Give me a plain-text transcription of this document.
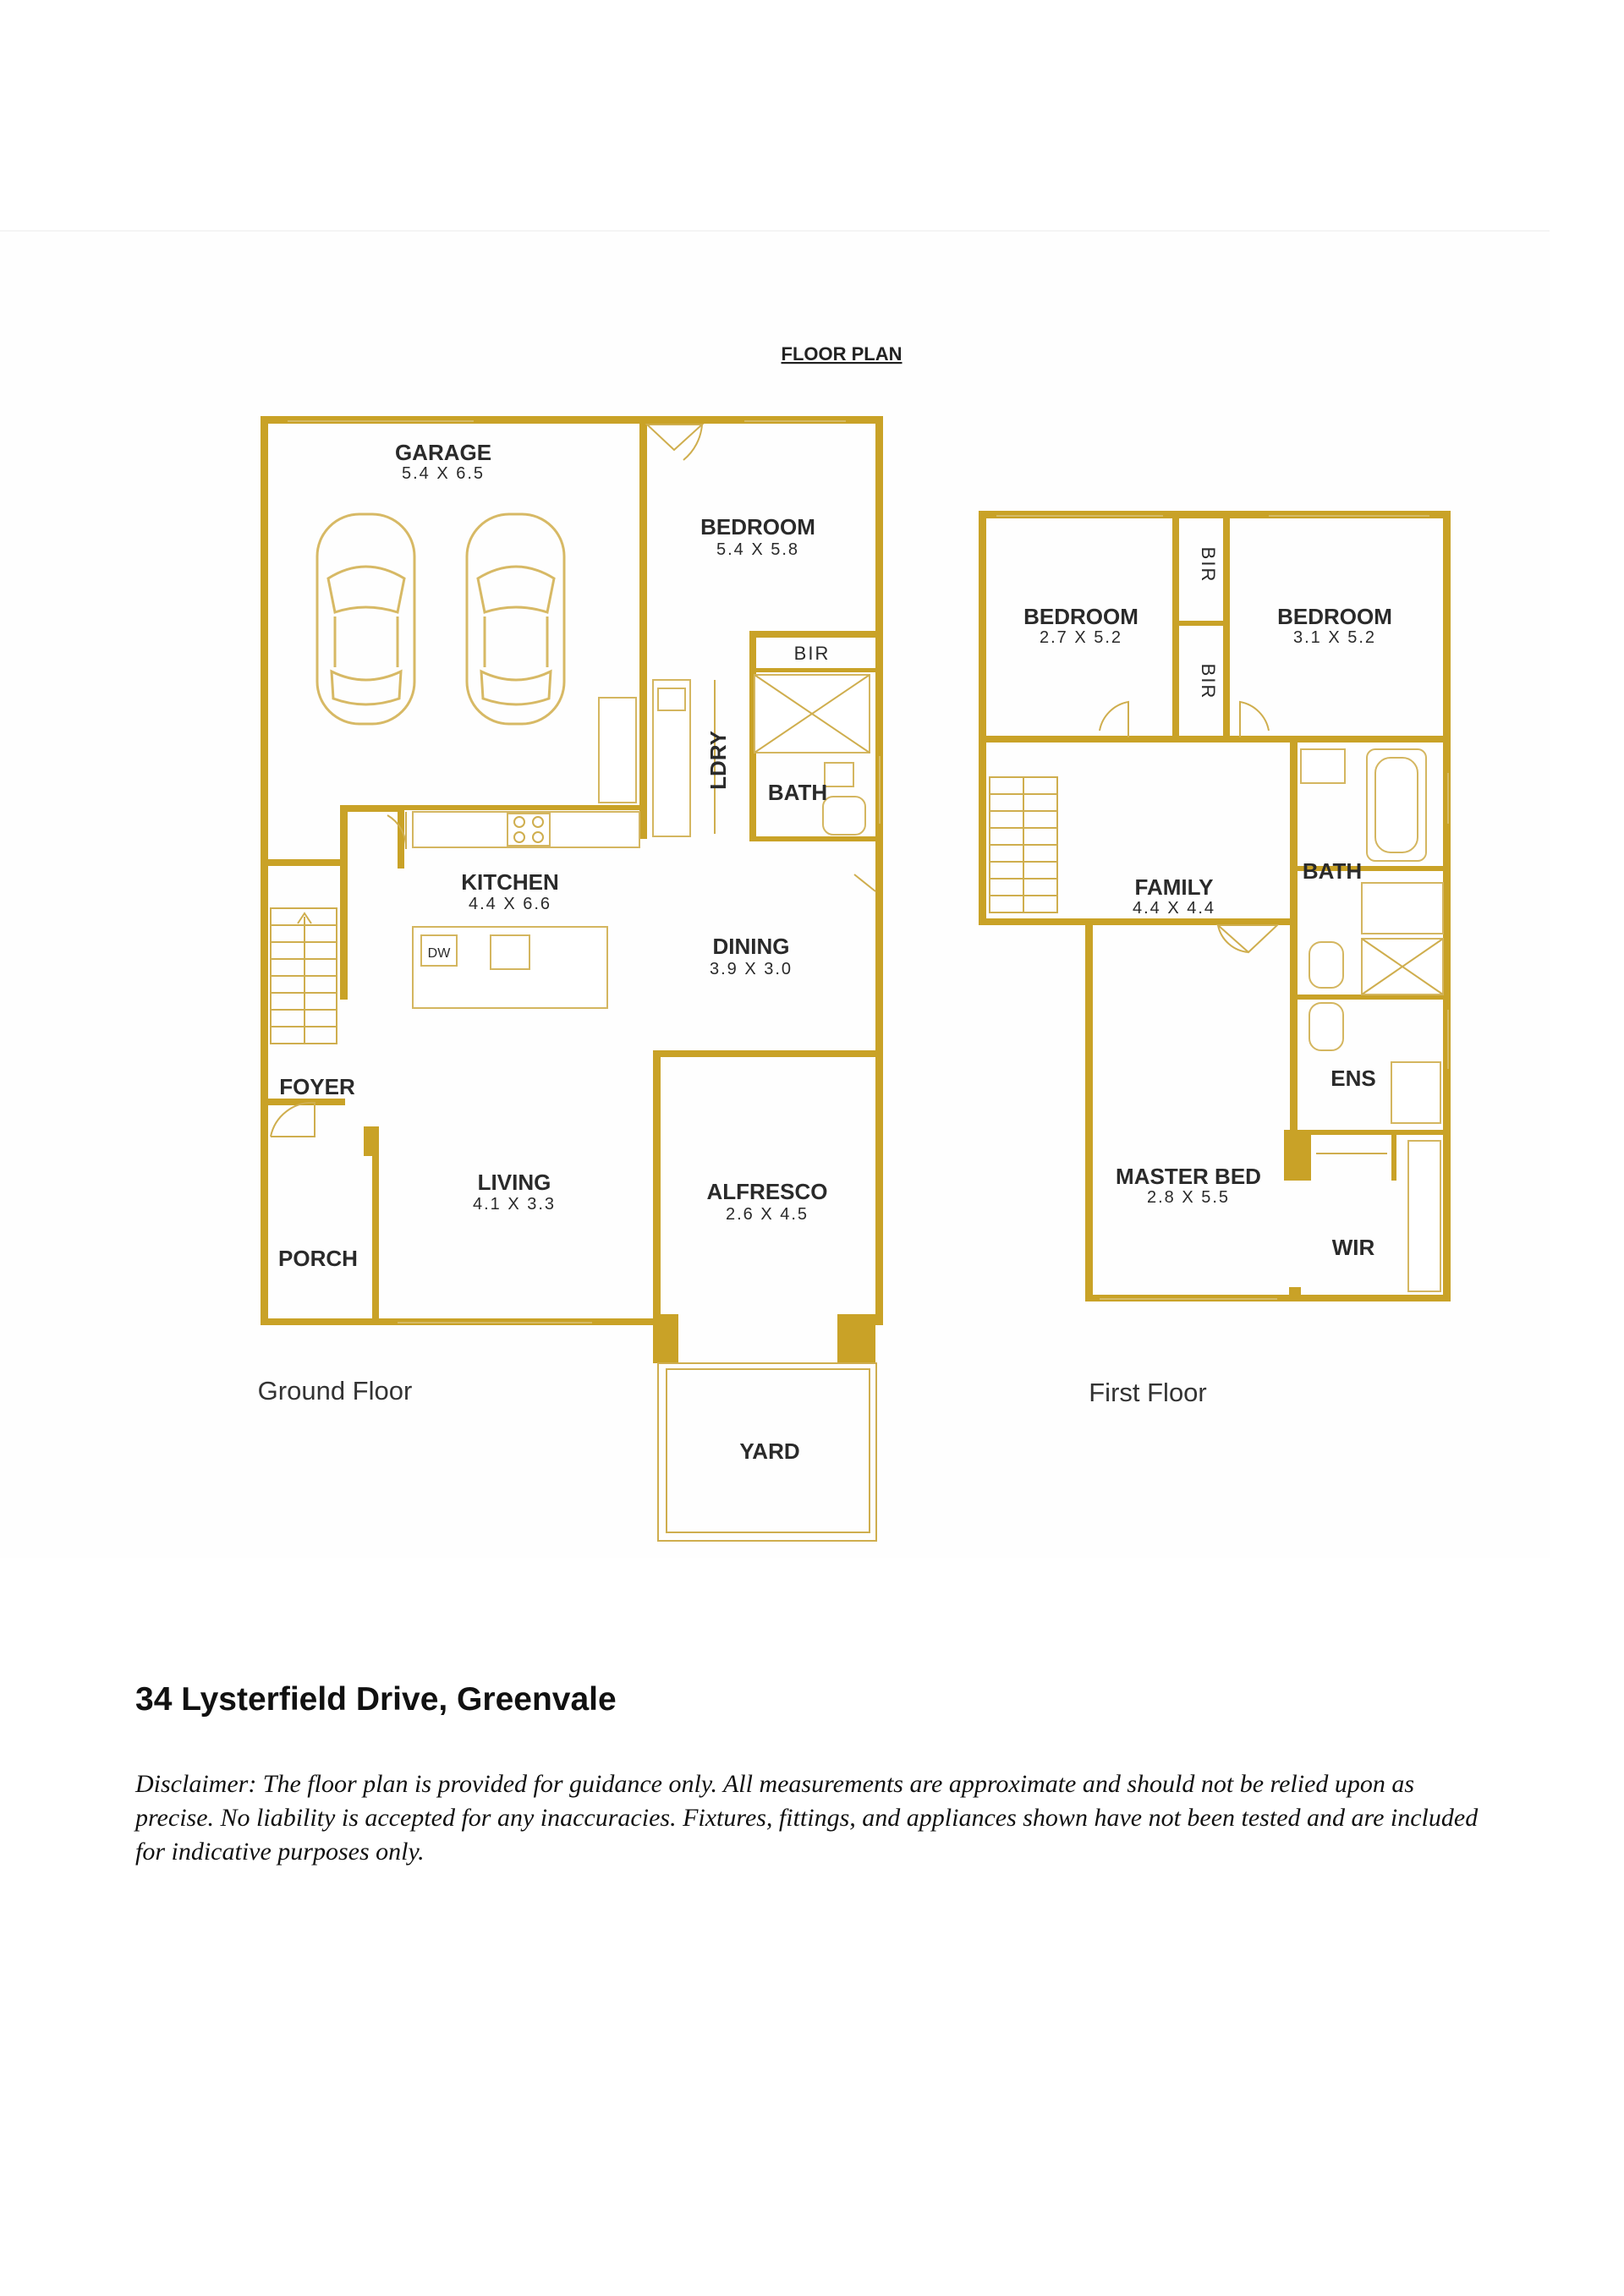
FLOOR PLAN
DW
GARAGE
5.4 X 6.5
BEDROOM
5.4 X 5.8
BIR
LDRY
BATH
KITCHEN
4.4 X 6.6
DINING
3.9 X 3.0
FOYER
LIVING
4.1 X 3.3	ALFRESCO
2.6 X 4.5
PORCH
YARD
Ground Floor
BIR
BIR
BEDROOM
2.7 X 5.2
BEDROOM
3.1 X 5.2
FAMILY
4.4 X 4.4
BATH
ENS
MASTER BED
2.8 X 5.5
WIR
First Floor
34 Lysterfield Drive, Greenvale

Disclaimer: The floor plan is provided for guidance only. All measurements are approximate and should not be relied upon as precise. No liability is accepted for any inaccuracies. Fixtures, fittings, and appliances shown have not been tested and are included for indicative purposes only.
